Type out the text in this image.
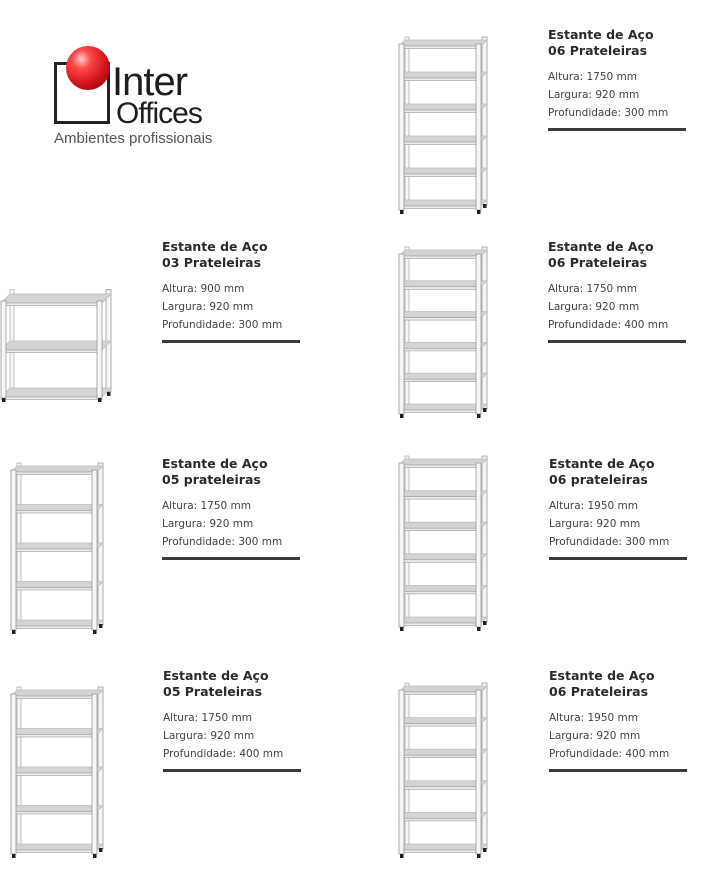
Inter
Offices
Ambientes profissionais
Estante de Aço
06 Prateleiras
Altura: 1750 mm
Largura: 920 mm
Profundidade: 300 mm
Estante de Aço
03 Prateleiras
Altura: 900 mm
Largura: 920 mm
Profundidade: 300 mm
Estante de Aço
06 Prateleiras
Altura: 1750 mm
Largura: 920 mm
Profundidade: 400 mm
Estante de Aço
05 prateleiras
Altura: 1750 mm
Largura: 920 mm
Profundidade: 300 mm
Estante de Aço
06 prateleiras
Altura: 1950 mm
Largura: 920 mm
Profundidade: 300 mm
Estante de Aço
05 Prateleiras
Altura: 1750 mm
Largura: 920 mm
Profundidade: 400 mm
Estante de Aço
06 Prateleiras
Altura: 1950 mm
Largura: 920 mm
Profundidade: 400 mm
